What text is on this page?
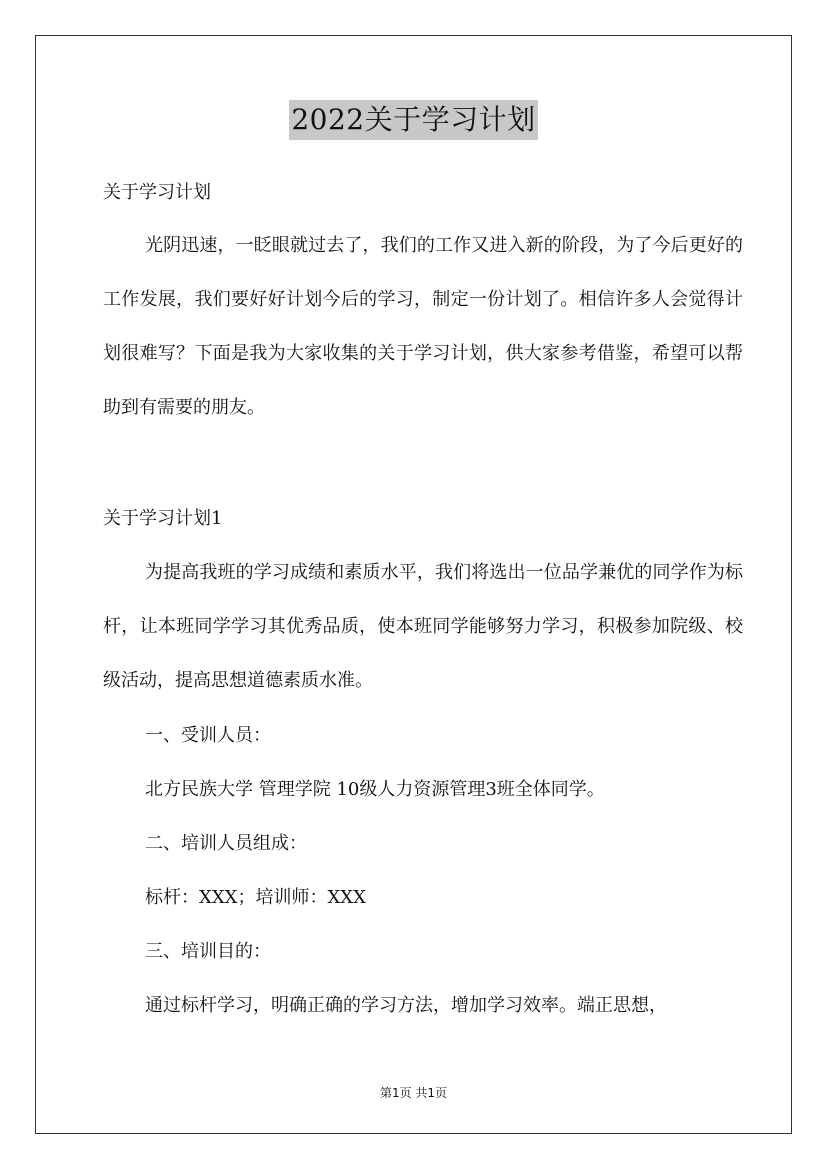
2022关于学习计划
关于学习计划

光阴迅速，一眨眼就过去了，我们的工作又进入新的阶段，为了今后更好的工作发展，我们要好好计划今后的学习，制定一份计划了。相信许多人会觉得计划很难写？下面是我为大家收集的关于学习计划，供大家参考借鉴，希望可以帮助到有需要的朋友。

关于学习计划1

为提高我班的学习成绩和素质水平，我们将选出一位品学兼优的同学作为标杆，让本班同学学习其优秀品质，使本班同学能够努力学习，积极参加院级、校级活动，提高思想道德素质水准。

一、受训人员：
北方民族大学 管理学院 10级人力资源管理3班全体同学。
二、培训人员组成：
标杆：XXX；培训师：XXX
三、培训目的：
通过标杆学习，明确正确的学习方法，增加学习效率。端正思想，
第1页 共1页
